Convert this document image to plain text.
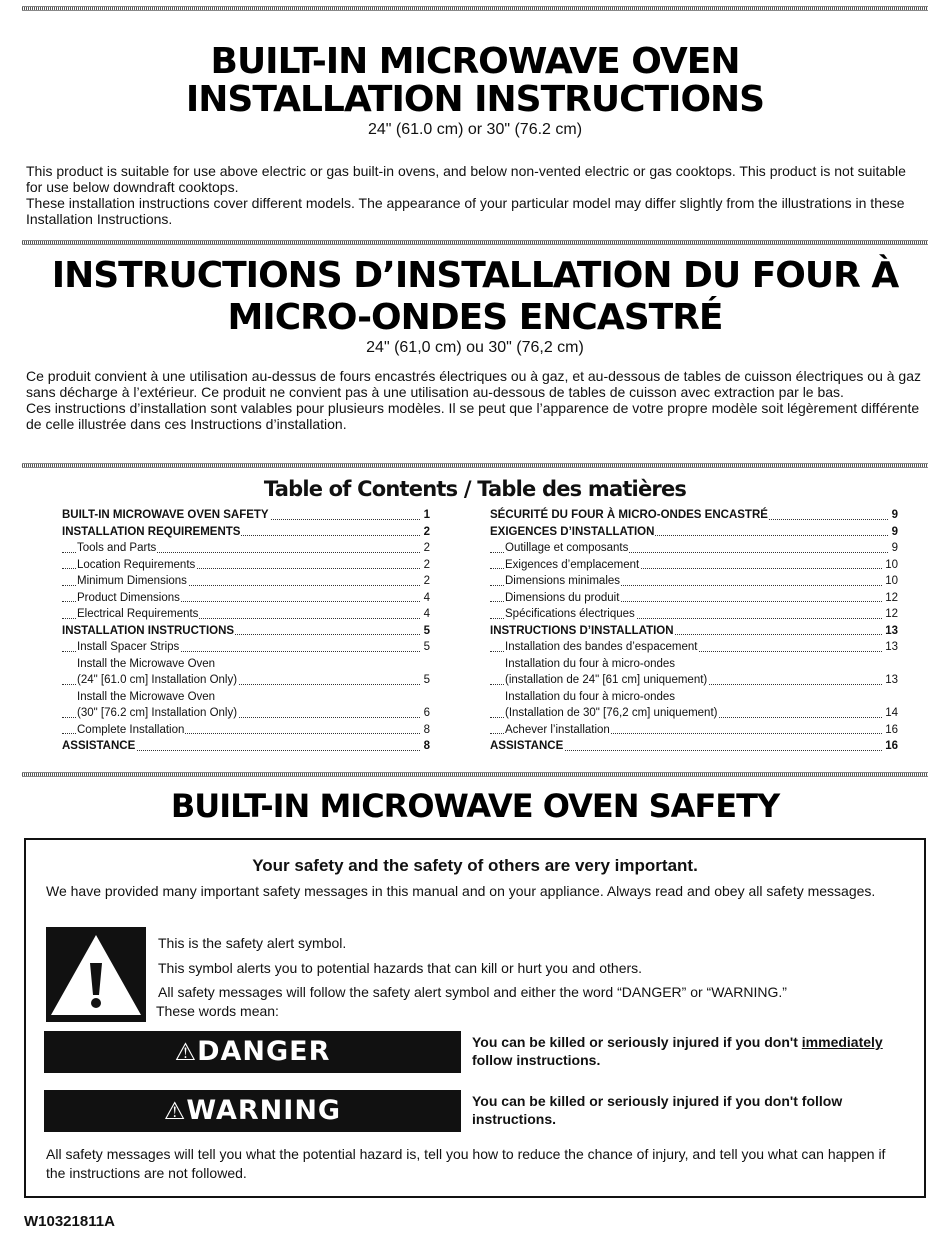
BUILT-IN MICROWAVE OVEN
INSTALLATION INSTRUCTIONS
24" (61.0 cm) or 30" (76.2 cm)

This product is suitable for use above electric or gas built-in ovens, and below non-vented electric or gas cooktops. This product is not suitable for use below downdraft cooktops.

These installation instructions cover different models. The appearance of your particular model may differ slightly from the illustrations in these Installation Instructions.

INSTRUCTIONS D’INSTALLATION DU FOUR À
MICRO-ONDES ENCASTRÉ
24" (61,0 cm) ou 30" (76,2 cm)

Ce produit convient à une utilisation au-dessus de fours encastrés électriques ou à gaz, et au-dessous de tables de cuisson électriques ou à gaz sans décharge à l’extérieur. Ce produit ne convient pas à une utilisation au-dessous de tables de cuisson avec extraction par le bas.

Ces instructions d’installation sont valables pour plusieurs modèles. Il se peut que l’apparence de votre propre modèle soit légèrement différente de celle illustrée dans ces Instructions d’installation.

Table of Contents / Table des matières
BUILT-IN MICROWAVE OVEN SAFETY	1
INSTALLATION REQUIREMENTS	2
Tools and Parts	2
Location Requirements	2
Minimum Dimensions	2
Product Dimensions	4
Electrical Requirements	4
INSTALLATION INSTRUCTIONS	5
Install Spacer Strips	5
Install the Microwave Oven
(24" [61.0 cm] Installation Only)	5
Install the Microwave Oven
(30" [76.2 cm] Installation Only)	6
Complete Installation	8
ASSISTANCE	8
SÉCURITÉ DU FOUR À MICRO-ONDES ENCASTRÉ	9
EXIGENCES D’INSTALLATION	9
Outillage et composants	9
Exigences d’emplacement	10
Dimensions minimales	10
Dimensions du produit	12
Spécifications électriques	12
INSTRUCTIONS D’INSTALLATION	13
Installation des bandes d’espacement	13
Installation du four à micro-ondes
(installation de 24" [61 cm] uniquement)	13
Installation du four à micro-ondes
(Installation de 30" [76,2 cm] uniquement)	14
Achever l’installation	16
ASSISTANCE	16
BUILT-IN MICROWAVE OVEN SAFETY
Your safety and the safety of others are very important.
We have provided many important safety messages in this manual and on your appliance. Always read and obey all safety messages.
This is the safety alert symbol.
This symbol alerts you to potential hazards that can kill or hurt you and others.
All safety messages will follow the safety alert symbol and either the word “DANGER” or “WARNING.”
These words mean:
⚠DANGER	You can be killed or seriously injured if you don't immediately
follow instructions.
⚠WARNING	You can be killed or seriously injured if you don't follow instructions.
All safety messages will tell you what the potential hazard is, tell you how to reduce the chance of injury, and tell you what can happen if the instructions are not followed.
W10321811A
